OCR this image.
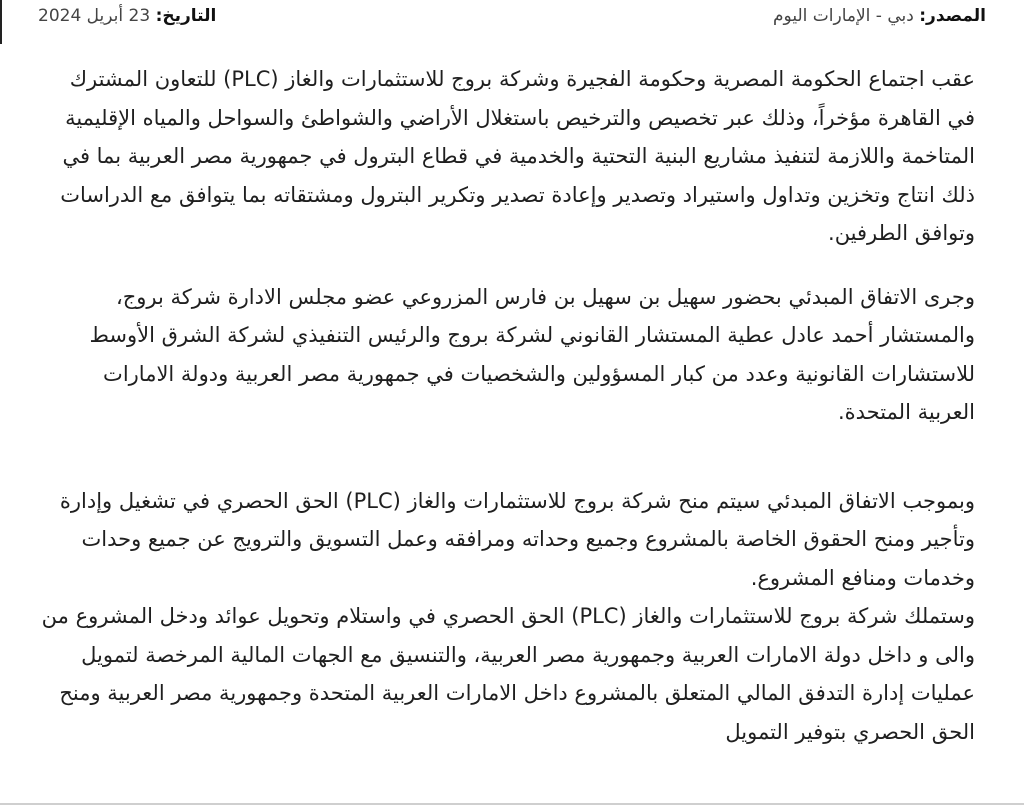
المصدر: دبي - الإمارات اليوم
التاريخ: 23 أبريل 2024

عقب اجتماع الحكومة المصرية وحكومة الفجيرة وشركة بروج للاستثمارات والغاز (PLC) للتعاون المشترك في القاهرة مؤخراً، وذلك عبر تخصيص والترخيص باستغلال الأراضي والشواطئ والسواحل والمياه الإقليمية المتاخمة واللازمة لتنفيذ مشاريع البنية التحتية والخدمية في قطاع البترول في جمهورية مصر العربية بما في ذلك انتاج وتخزين وتداول واستيراد وتصدير وإعادة تصدير وتكرير البترول ومشتقاته بما يتوافق مع الدراسات وتوافق الطرفين.

وجرى الاتفاق المبدئي بحضور سهيل بن سهيل بن فارس المزروعي عضو مجلس الادارة شركة بروج، والمستشار أحمد عادل عطية المستشار القانوني لشركة بروج والرئيس التنفيذي لشركة الشرق الأوسط للاستشارات القانونية وعدد من كبار المسؤولين والشخصيات في جمهورية مصر العربية ودولة الامارات العربية المتحدة.

وبموجب الاتفاق المبدئي سيتم منح شركة بروج للاستثمارات والغاز (PLC) الحق الحصري في تشغيل وإدارة وتأجير ومنح الحقوق الخاصة بالمشروع وجميع وحداته ومرافقه وعمل التسويق والترويج عن جميع وحدات وخدمات ومنافع المشروع.

وستملك شركة بروج للاستثمارات والغاز (PLC) الحق الحصري في واستلام وتحويل عوائد ودخل المشروع من والى و داخل دولة الامارات العربية وجمهورية مصر العربية، والتنسيق مع الجهات المالية المرخصة لتمويل عمليات إدارة التدفق المالي المتعلق بالمشروع داخل الامارات العربية المتحدة وجمهورية مصر العربية ومنح الحق الحصري بتوفير التمويل
